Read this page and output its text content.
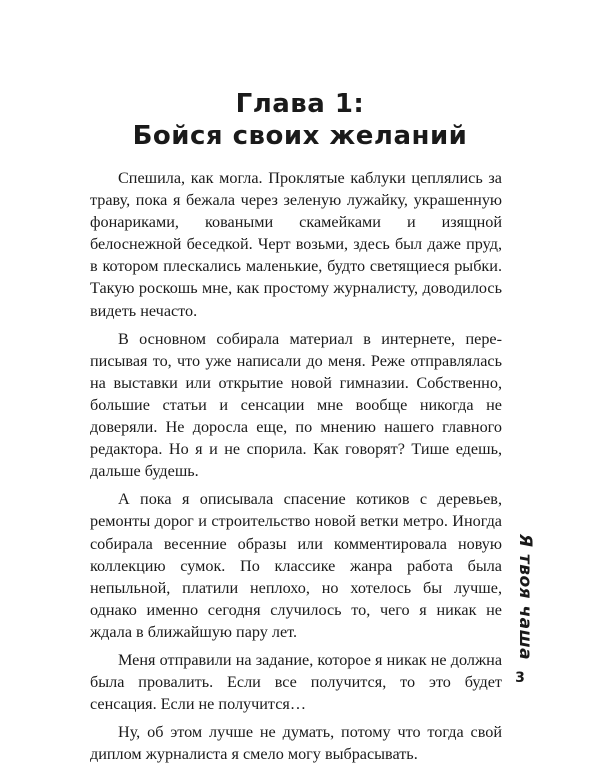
Глава 1:
Бойся своих желаний

Спешила, как могла. Проклятые каблуки цеплялись за траву, пока я бежала через зеленую лужайку, украшенную фонариками, коваными скамейками и изящной белоснежной беседкой. Черт возьми, здесь был даже пруд, в котором плескались маленькие, будто светящиеся рыбки. Такую роскошь мне, как простому журналисту, доводилось видеть нечасто.

В основном собирала материал в интернете, переписывая то, что уже написали до меня. Реже отправлялась на выставки или открытие новой гимназии. Собственно, большие статьи и сенсации мне вообще никогда не доверяли. Не доросла еще, по мнению нашего главного редактора. Но я и не спорила. Как говорят? Тише едешь, дальше будешь.

А пока я описывала спасение котиков с деревьев, ремонты дорог и строительство новой ветки метро. Иногда собирала весенние образы или комментировала новую коллекцию сумок. По классике жанра работа была непыльной, платили неплохо, но хотелось бы лучше, однако именно сегодня случилось то, чего я никак не ждала в ближайшую пару лет.

Меня отправили на задание, которое я никак не должна была провалить. Если все получится, то это будет сенсация. Если не получится…

Ну, об этом лучше не думать, потому что тогда свой диплом журналиста я смело могу выбрасывать.

Я твоя чаша
3
